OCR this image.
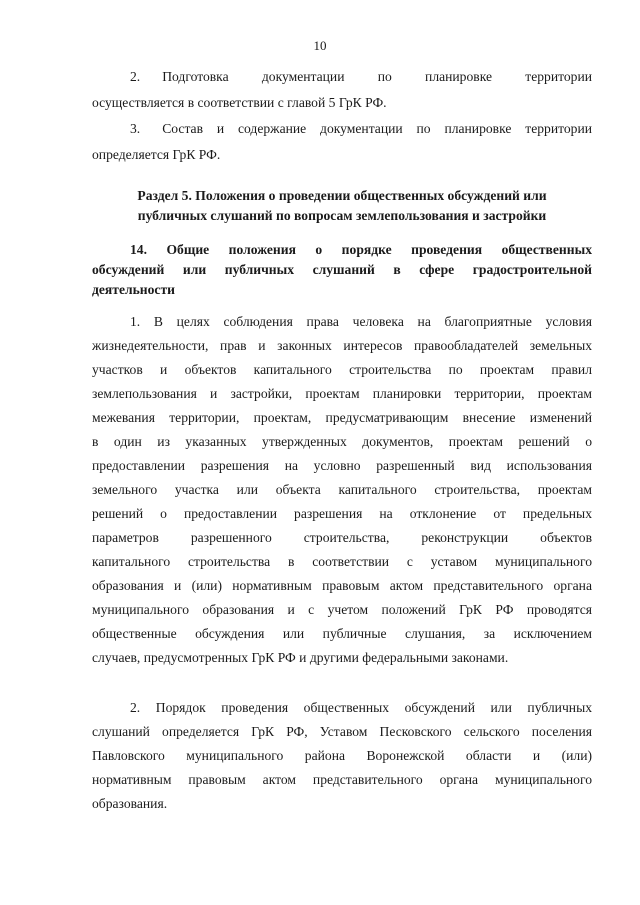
10
2. Подготовка документации по планировке территории
осуществляется в соответствии с главой 5 ГрК РФ.
3. Состав и содержание документации по планировке территории
определяется ГрК РФ.
Раздел 5. Положения о проведении общественных обсуждений или
публичных слушаний по вопросам землепользования и застройки
14. Общие положения о порядке проведения общественных
обсуждений или публичных слушаний в сфере градостроительной
деятельности
1. В целях соблюдения права человека на благоприятные условия
жизнедеятельности, прав и законных интересов правообладателей земельных
участков и объектов капитального строительства по проектам правил
землепользования и застройки, проектам планировки территории, проектам
межевания территории, проектам, предусматривающим внесение изменений
в один из указанных утвержденных документов, проектам решений о
предоставлении разрешения на условно разрешенный вид использования
земельного участка или объекта капитального строительства, проектам
решений о предоставлении разрешения на отклонение от предельных
параметров разрешенного строительства, реконструкции объектов
капитального строительства в соответствии с уставом муниципального
образования и (или) нормативным правовым актом представительного органа
муниципального образования и с учетом положений ГрК РФ проводятся
общественные обсуждения или публичные слушания, за исключением
случаев, предусмотренных ГрК РФ и другими федеральными законами.
2. Порядок проведения общественных обсуждений или публичных
слушаний определяется ГрК РФ, Уставом Песковского сельского поселения
Павловского муниципального района Воронежской области и (или)
нормативным правовым актом представительного органа муниципального
образования.
